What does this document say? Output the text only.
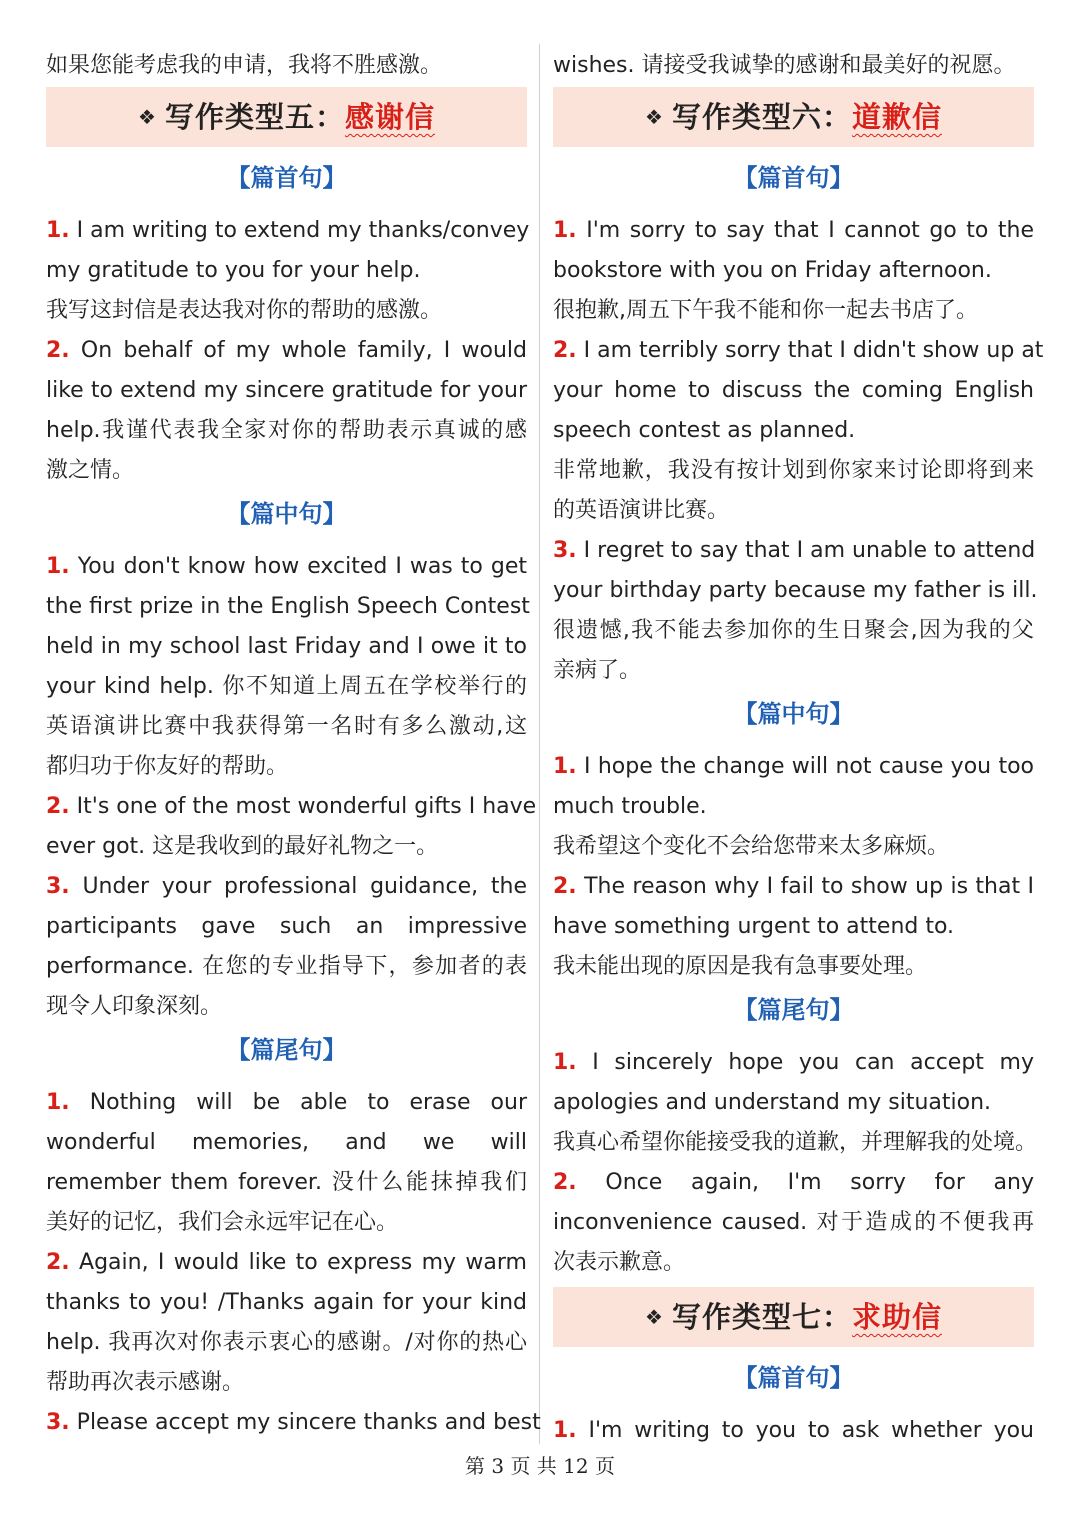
如果您能考虑我的申请，我将不胜感激。
❖ 写作类型五： 感谢信
【篇首句】
1. I am writing to extend my thanks/convey
my gratitude to you for your help.
我写这封信是表达我对你的帮助的感激。
2. On behalf of my whole family, I would
like to extend my sincere gratitude for your
help.我谨代表我全家对你的帮助表示真诚的感
激之情。
【篇中句】
1. You don't know how excited I was to get
the first prize in the English Speech Contest
held in my school last Friday and I owe it to
your kind help. 你不知道上周五在学校举行的
英语演讲比赛中我获得第一名时有多么激动,这
都归功于你友好的帮助。
2. It's one of the most wonderful gifts I have
ever got. 这是我收到的最好礼物之一。
3. Under your professional guidance, the
participants gave such an impressive
performance. 在您的专业指导下，参加者的表
现令人印象深刻。
【篇尾句】
1. Nothing will be able to erase our
wonderful memories, and we will
remember them forever. 没什么能抹掉我们
美好的记忆，我们会永远牢记在心。
2. Again, I would like to express my warm
thanks to you! /Thanks again for your kind
help. 我再次对你表示衷心的感谢。/对你的热心
帮助再次表示感谢。
3. Please accept my sincere thanks and best
wishes. 请接受我诚挚的感谢和最美好的祝愿。
❖ 写作类型六： 道歉信
【篇首句】
1. I'm sorry to say that I cannot go to the
bookstore with you on Friday afternoon.
很抱歉,周五下午我不能和你一起去书店了。
2. I am terribly sorry that I didn't show up at
your home to discuss the coming English
speech contest as planned.
非常地歉，我没有按计划到你家来讨论即将到来
的英语演讲比赛。
3. I regret to say that I am unable to attend
your birthday party because my father is ill.
很遗憾,我不能去参加你的生日聚会,因为我的父
亲病了。
【篇中句】
1. I hope the change will not cause you too
much trouble.
我希望这个变化不会给您带来太多麻烦。
2. The reason why I fail to show up is that I
have something urgent to attend to.
我未能出现的原因是我有急事要处理。
【篇尾句】
1. I sincerely hope you can accept my
apologies and understand my situation.
我真心希望你能接受我的道歉，并理解我的处境。
2. Once again, I'm sorry for any
inconvenience caused. 对于造成的不便我再
次表示歉意。
❖ 写作类型七： 求助信
【篇首句】
1. I'm writing to you to ask whether you
第 3 页 共 12 页
